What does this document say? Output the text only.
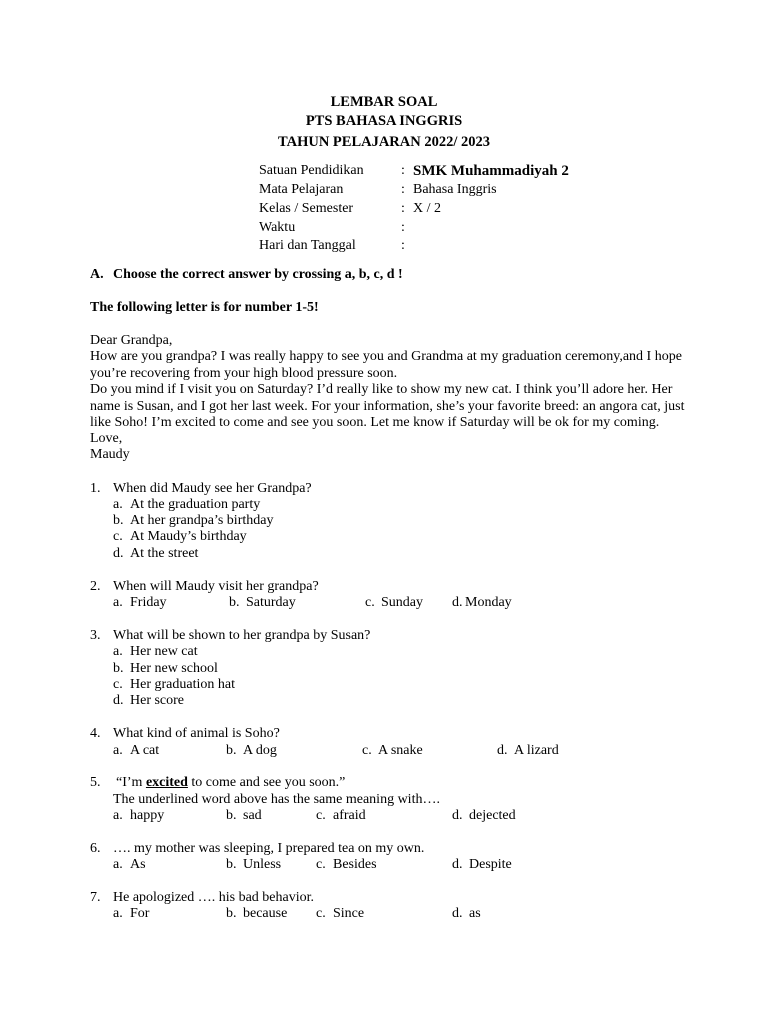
LEMBAR SOAL
PTS BAHASA INGGRIS
TAHUN PELAJARAN 2022/ 2023
Satuan Pendidikan	: SMK Muhammadiyah 2
Mata Pelajaran	: Bahasa Inggris
Kelas / Semester	: X / 2
Waktu	:
Hari dan Tanggal	:
A. Choose the correct answer by crossing a, b, c, d !
The following letter is for number 1-5!
Dear Grandpa,
How are you grandpa? I was really happy to see you and Grandma at my graduation ceremony,and I hope
you’re recovering from your high blood pressure soon.
Do you mind if I visit you on Saturday? I’d really like to show my new cat. I think you’ll adore her. Her
name is Susan, and I got her last week. For your information, she’s your favorite breed: an angora cat, just
like Soho! I’m excited to come and see you soon. Let me know if Saturday will be ok for my coming.
Love,
Maudy
1. When did Maudy see her Grandpa?
a. At the graduation party
b. At her grandpa’s birthday
c. At Maudy’s birthday
d. At the street
2. When will Maudy visit her grandpa?
a. Friday	b. Saturday	c. Sunday d. Monday
3. What will be shown to her grandpa by Susan?
a. Her new cat
b. Her new school
c. Her graduation hat
d. Her score
4. What kind of animal is Soho?
a. A cat	b. A dog	c. A snake	d. A lizard
5. “I’m excited to come and see you soon.”
The underlined word above has the same meaning with….
a. happy	b. sad	c. afraid	d. dejected
6. …. my mother was sleeping, I prepared tea on my own.
a. As	b. Unless c. Besides	d. Despite
7. He apologized …. his bad behavior.
a. For	b. because c. Since	d. as
